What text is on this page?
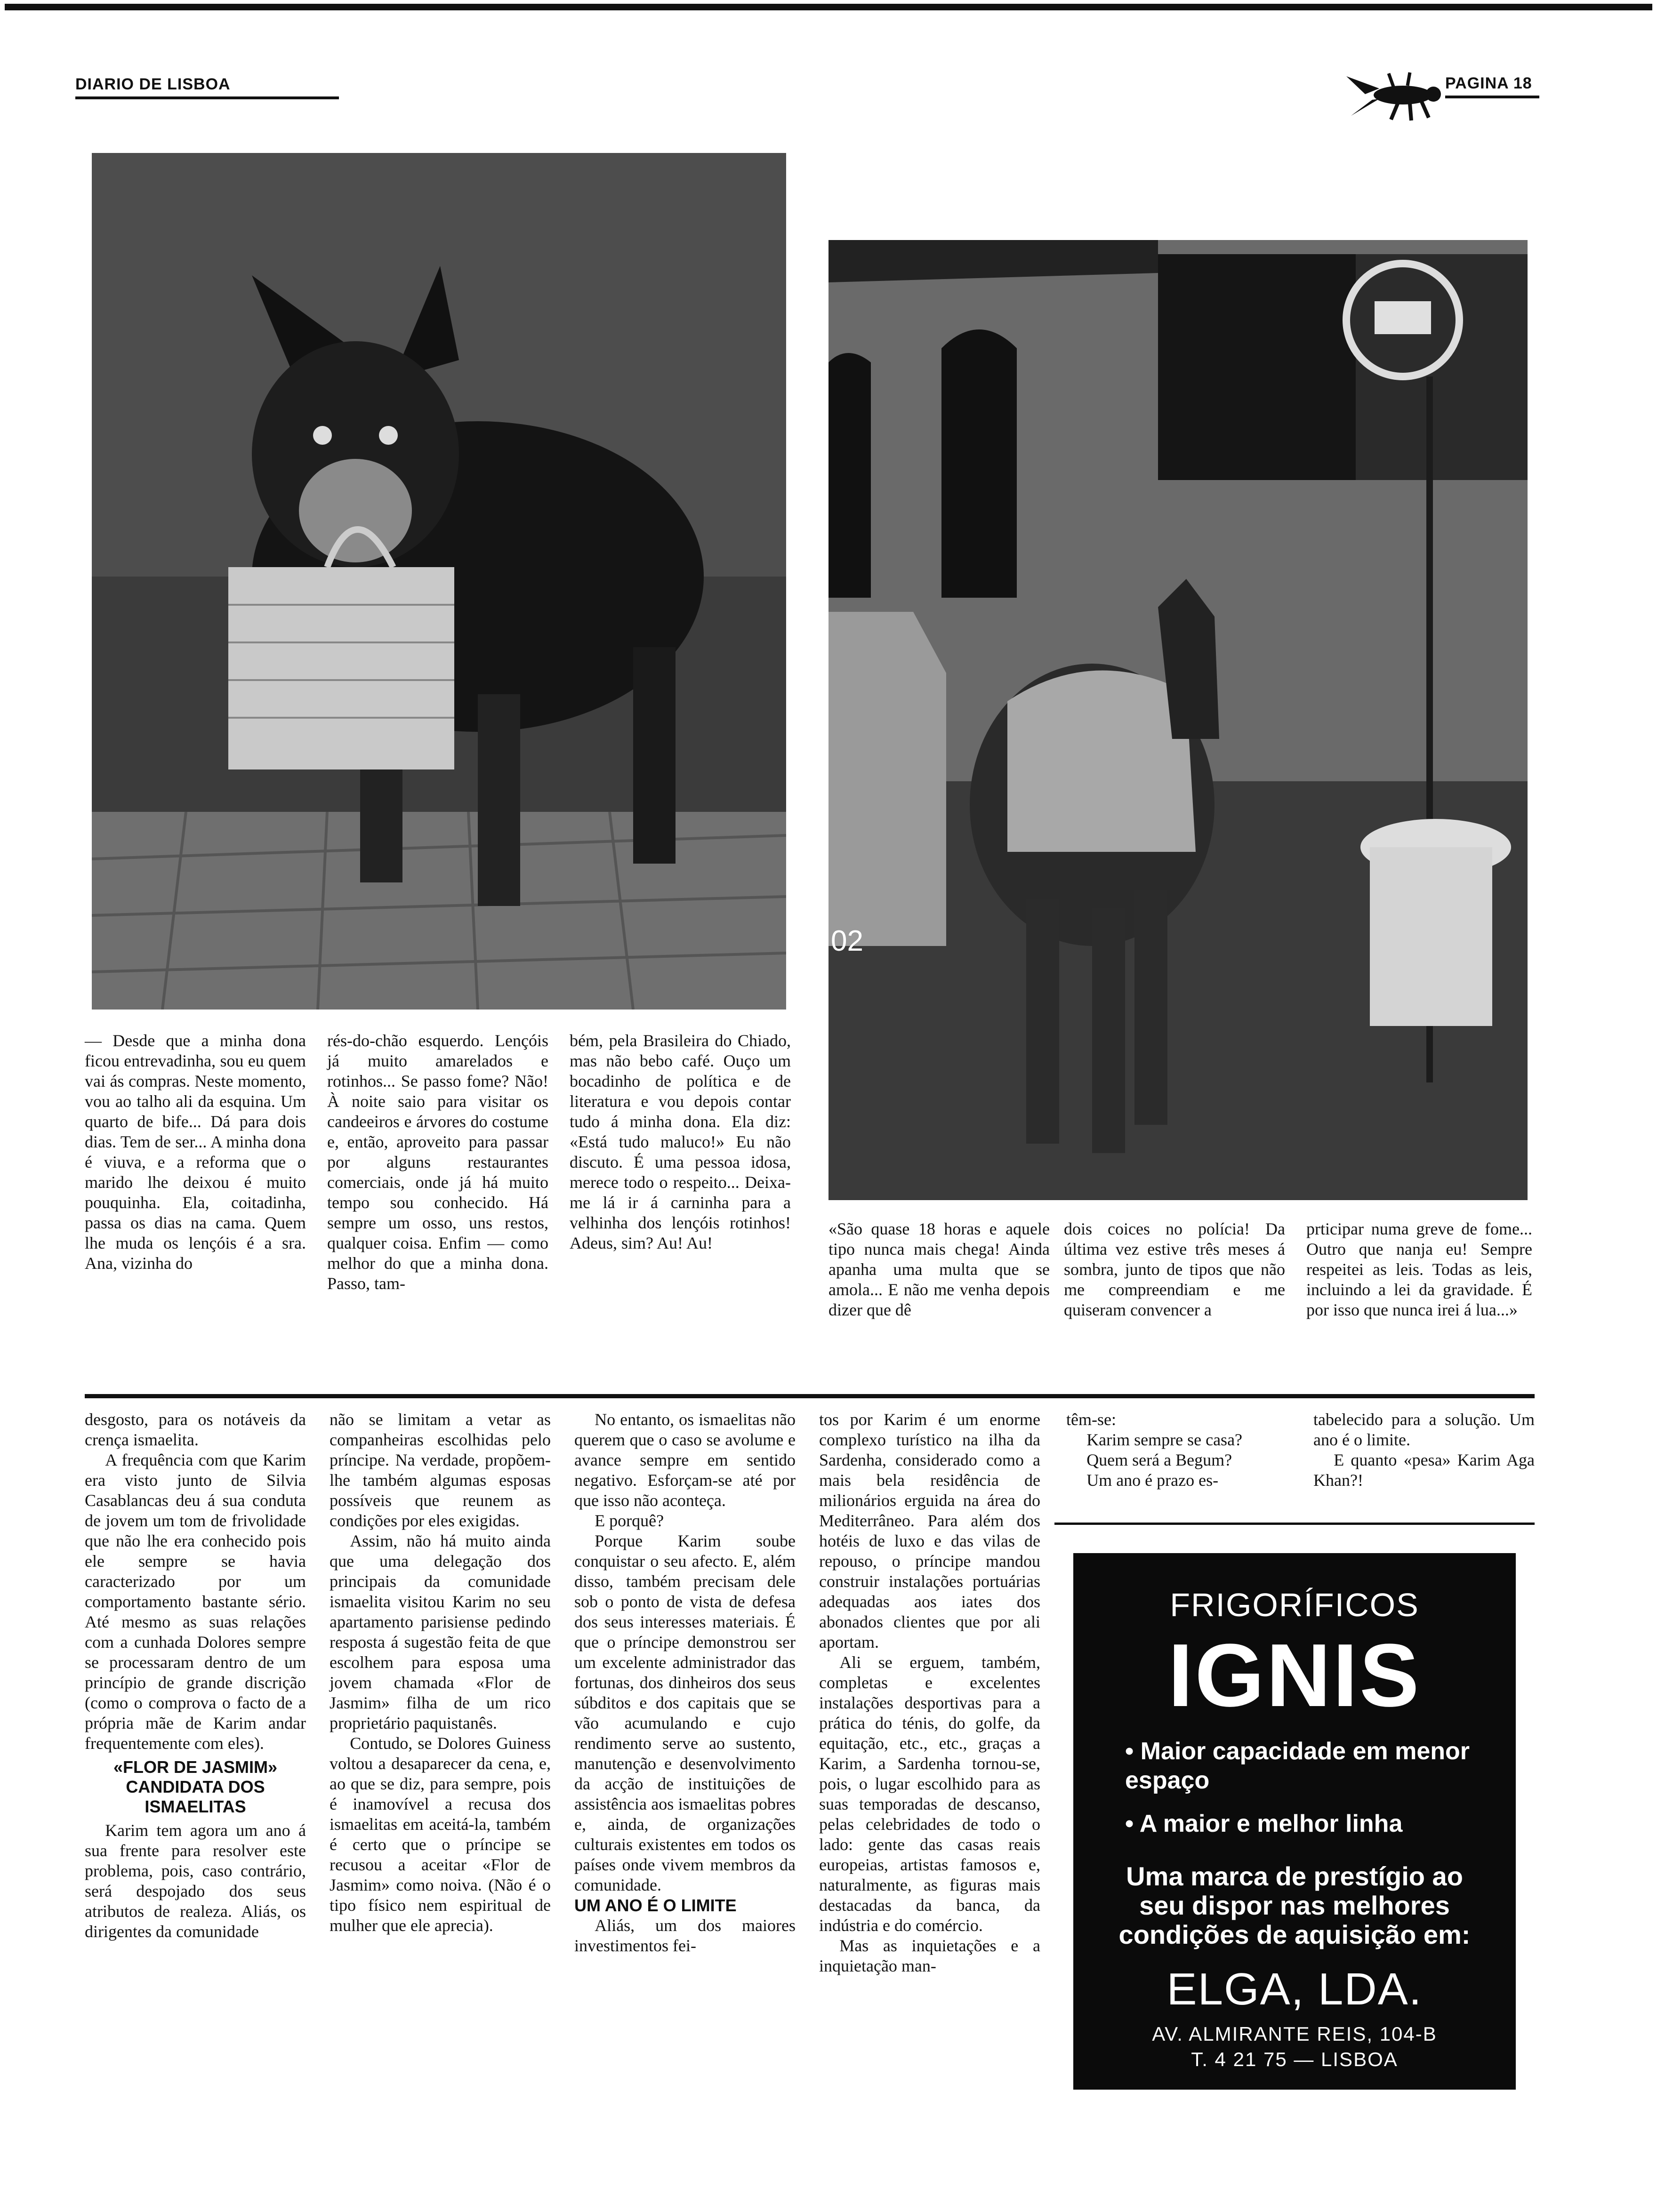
DIARIO DE LISBOA	PAGINA 18
02

— Desde que a minha dona ficou entrevadinha, sou eu quem vai ás compras. Neste momento, vou ao talho ali da esquina. Um quarto de bife... Dá para dois dias. Tem de ser... A minha dona é viuva, e a reforma que o marido lhe deixou é muito pouquinha. Ela, coitadinha, passa os dias na cama. Quem lhe muda os lençóis é a sra. Ana, vizinha do

rés-do-chão esquerdo. Lençóis já muito amarelados e rotinhos... Se passo fome? Não! À noite saio para visitar os candeeiros e árvores do costume e, então, aproveito para passar por alguns restaurantes comerciais, onde já há muito tempo sou conhecido. Há sempre um osso, uns restos, qualquer coisa. Enfim — como melhor do que a minha dona. Passo, tam-

bém, pela Brasileira do Chiado, mas não bebo café. Ouço um bocadinho de política e de literatura e vou depois contar tudo á minha dona. Ela diz: «Está tudo maluco!» Eu não discuto. É uma pessoa idosa, merece todo o respeito... Deixa-me lá ir á carninha para a velhinha dos lençóis rotinhos! Adeus, sim? Au! Au!

«São quase 18 horas e aquele tipo nunca mais chega! Ainda apanha uma multa que se amola... E não me venha depois dizer que dê

dois coices no polícia! Da última vez estive três meses á sombra, junto de tipos que não me compreendiam e me quiseram convencer a

prticipar numa greve de fome... Outro que nanja eu! Sempre respeitei as leis. Todas as leis, incluindo a lei da gravidade. É por isso que nunca irei á lua...»

desgosto, para os notáveis da crença ismaelita.

A frequência com que Karim era visto junto de Silvia Casablancas deu á sua conduta de jovem um tom de frivolidade que não lhe era conhecido pois ele sempre se havia caracterizado por um comportamento bastante sério. Até mesmo as suas relações com a cunhada Dolores sempre se processaram dentro de um princípio de grande discrição (como o comprova o facto de a própria mãe de Karim andar frequentemente com eles).

«FLOR DE JASMIM» CANDIDATA DOS ISMAELITAS

Karim tem agora um ano á sua frente para resolver este problema, pois, caso contrário, será despojado dos seus atributos de realeza. Aliás, os dirigentes da comunidade

não se limitam a vetar as companheiras escolhidas pelo príncipe. Na verdade, propõem-lhe também algumas esposas possíveis que reunem as condições por eles exigidas.

Assim, não há muito ainda que uma delegação dos principais da comunidade ismaelita visitou Karim no seu apartamento parisiense pedindo resposta á sugestão feita de que escolhem para esposa uma jovem chamada «Flor de Jasmim» filha de um rico proprietário paquistanês.

Contudo, se Dolores Guiness voltou a desaparecer da cena, e, ao que se diz, para sempre, pois é inamovível a recusa dos ismaelitas em aceitá-la, também é certo que o príncipe se recusou a aceitar «Flor de Jasmim» como noiva. (Não é o tipo físico nem espiritual de mulher que ele aprecia).

No entanto, os ismaelitas não querem que o caso se avolume e avance sempre em sentido negativo. Esforçam-se até por que isso não aconteça.

E porquê?

Porque Karim soube conquistar o seu afecto. E, além disso, também precisam dele sob o ponto de vista de defesa dos seus interesses materiais. É que o príncipe demonstrou ser um excelente administrador das fortunas, dos dinheiros dos seus súbditos e dos capitais que se vão acumulando e cujo rendimento serve ao sustento, manutenção e desenvolvimento da acção de instituições de assistência aos ismaelitas pobres e, ainda, de organizações culturais existentes em todos os países onde vivem membros da comunidade.

UM ANO É O LIMITE

Aliás, um dos maiores investimentos fei-

tos por Karim é um enorme complexo turístico na ilha da Sardenha, considerado como a mais bela residência de milionários erguida na área do Mediterrâneo. Para além dos hotéis de luxo e das vilas de repouso, o príncipe mandou construir instalações portuárias adequadas aos iates dos abonados clientes que por ali aportam.

Ali se erguem, também, completas e excelentes instalações desportivas para a prática do ténis, do golfe, da equitação, etc., etc., graças a Karim, a Sardenha tornou-se, pois, o lugar escolhido para as suas temporadas de descanso, pelas celebridades de todo o lado: gente das casas reais europeias, artistas famosos e, naturalmente, as figuras mais destacadas da banca, da indústria e do comércio.

Mas as inquietações e a inquietação man-

têm-se:

Karim sempre se casa?

Quem será a Begum?

Um ano é prazo es-

tabelecido para a solução. Um ano é o limite.

E quanto «pesa» Karim Aga Khan?!

FRIGORÍFICOS
IGNIS
• Maior capacidade em menor espaço
• A maior e melhor linha
Uma marca de prestígio ao seu dispor nas melhores condições de aquisição em:
ELGA, LDA.
AV. ALMIRANTE REIS, 104-B
T. 4 21 75 — LISBOA
